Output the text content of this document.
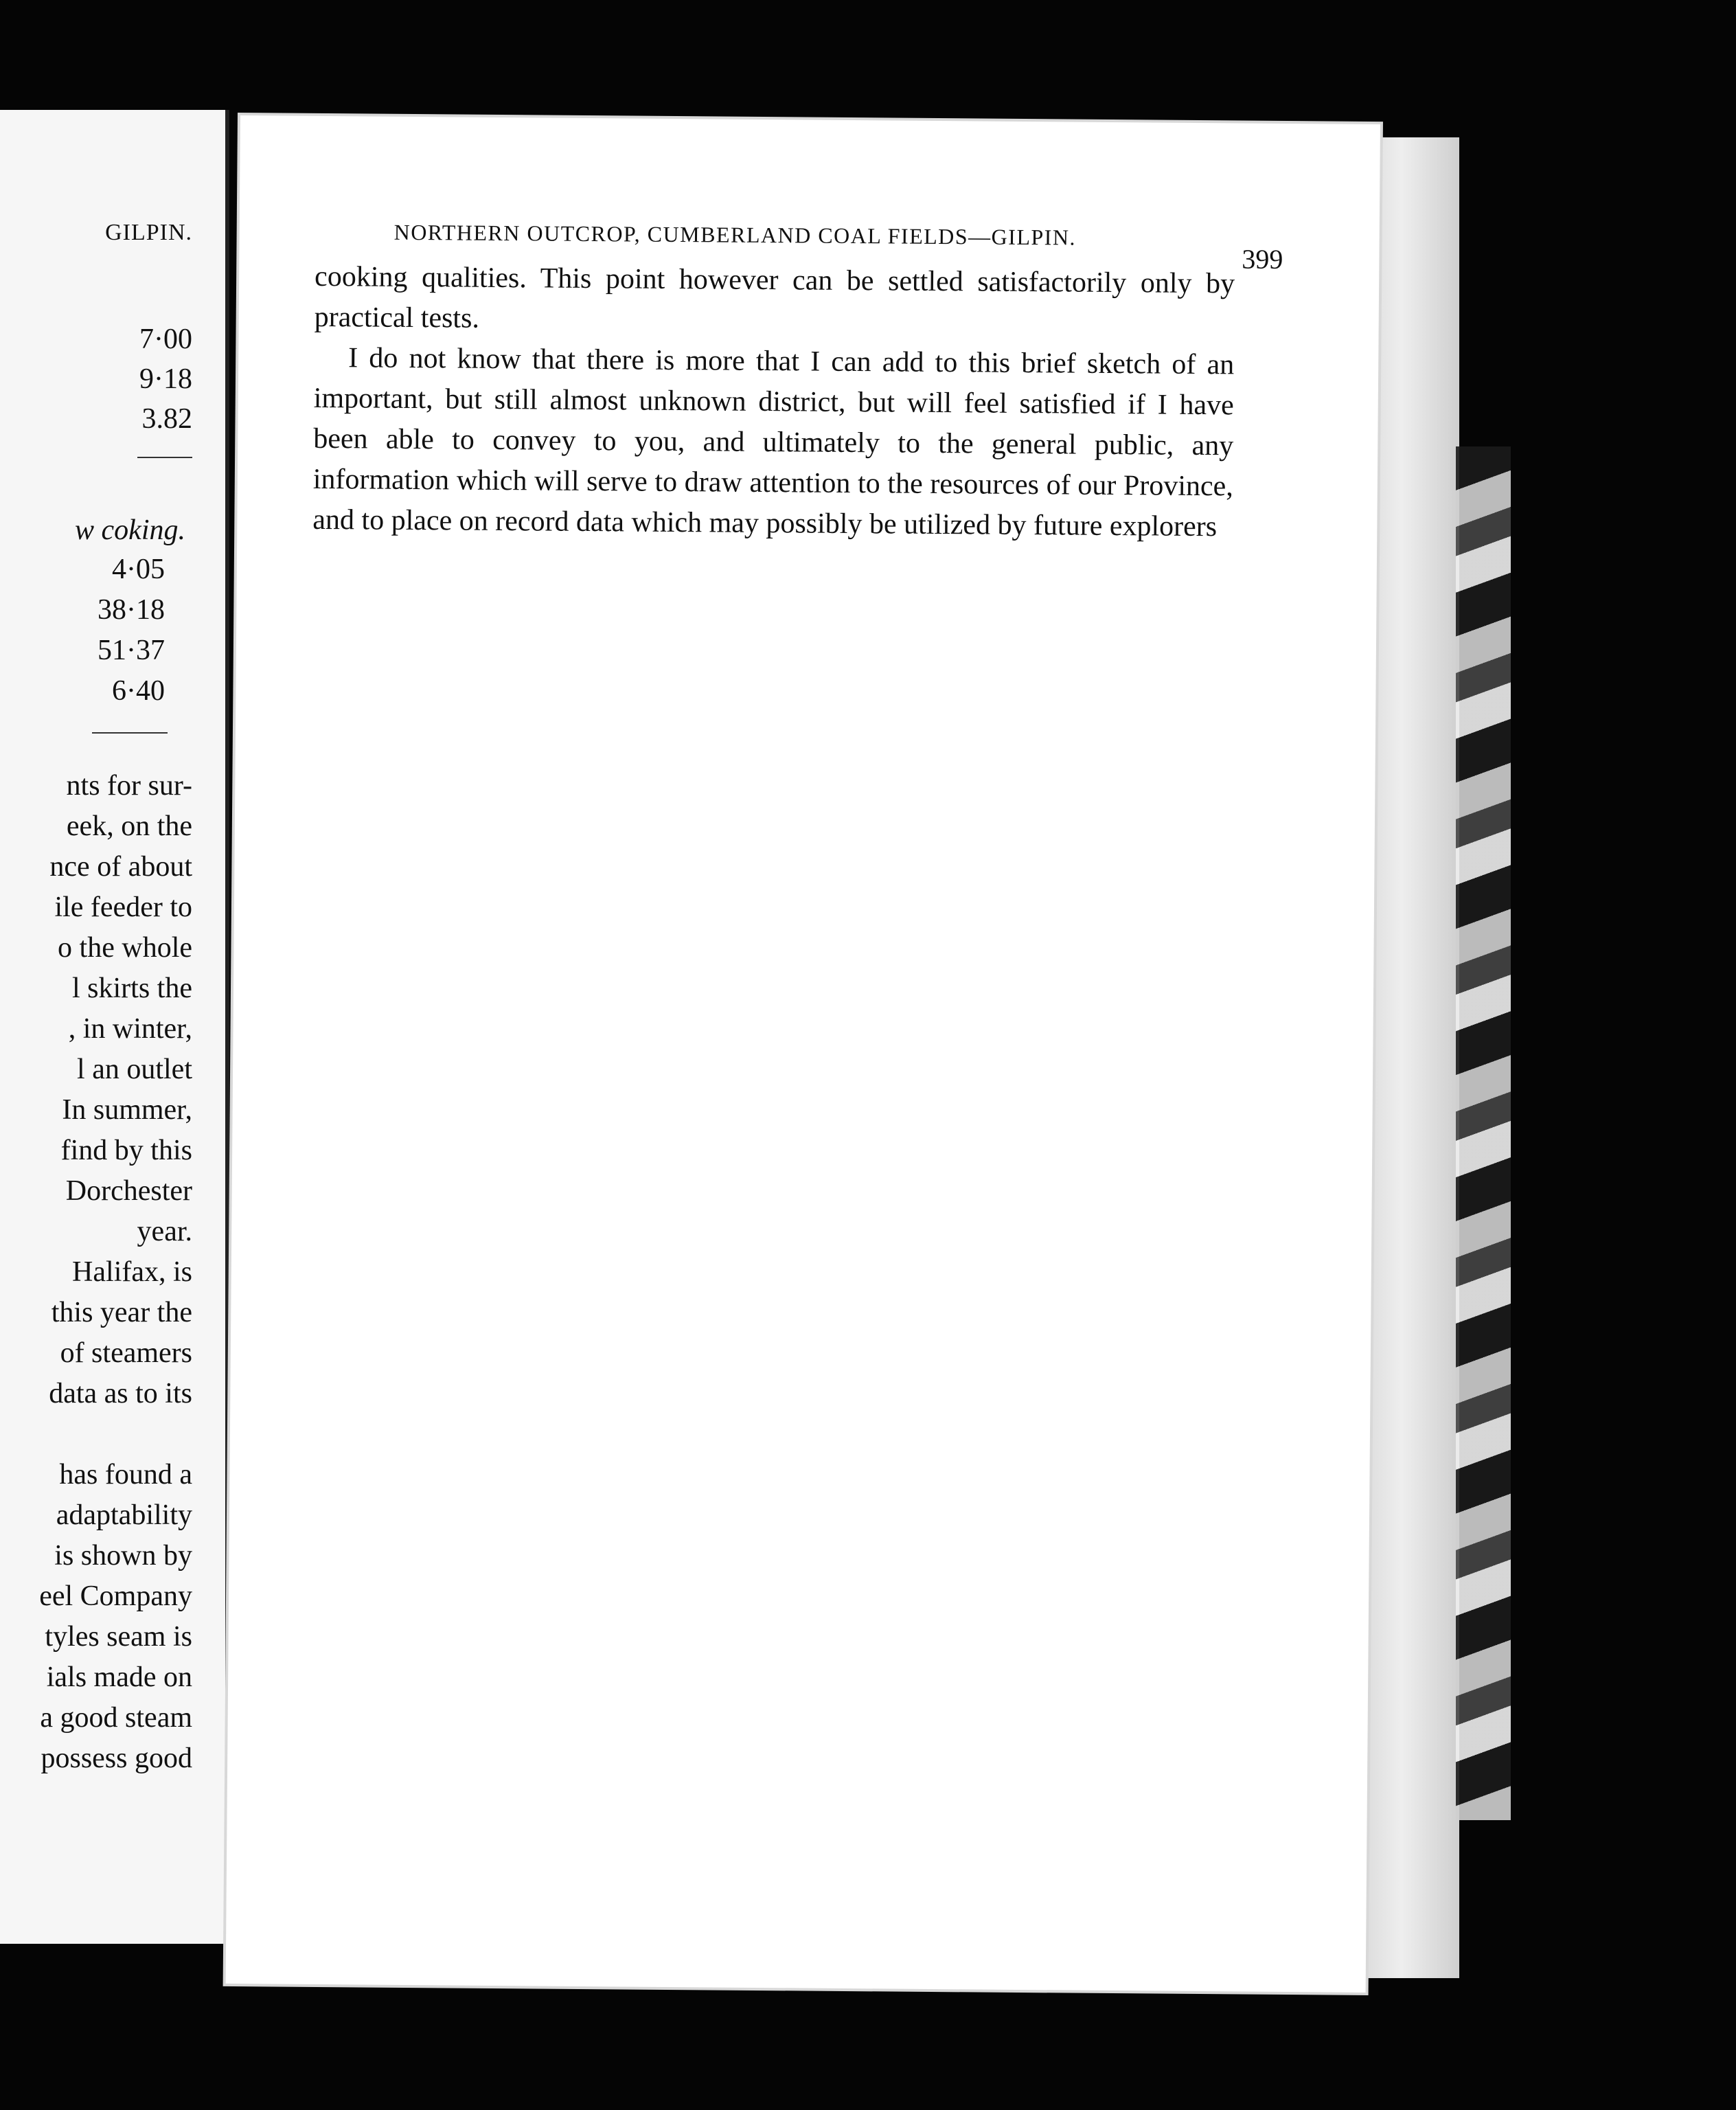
GILPIN.
7·00
9·18
3.82
w coking.
4·05
38·18
51·37
6·40
nts for sur-
eek, on the
nce of about
ile feeder to
o the whole
l skirts the
, in winter,
l an outlet
In summer,
find by this
Dorchester
year.
Halifax, is
this year the
of steamers
data as to its

has found a
adaptability
is shown by
eel Company
tyles seam is
ials made on
a good steam
possess good
NORTHERN OUTCROP, CUMBERLAND COAL FIELDS—GILPIN.
399

cooking qualities. This point however can be settled satisfactorily only by practical tests.

I do not know that there is more that I can add to this brief sketch of an important, but still almost unknown district, but will feel satisfied if I have been able to convey to you, and ultimately to the general public, any information which will serve to draw attention to the resources of our Province, and to place on record data which may possibly be utilized by future explorers
